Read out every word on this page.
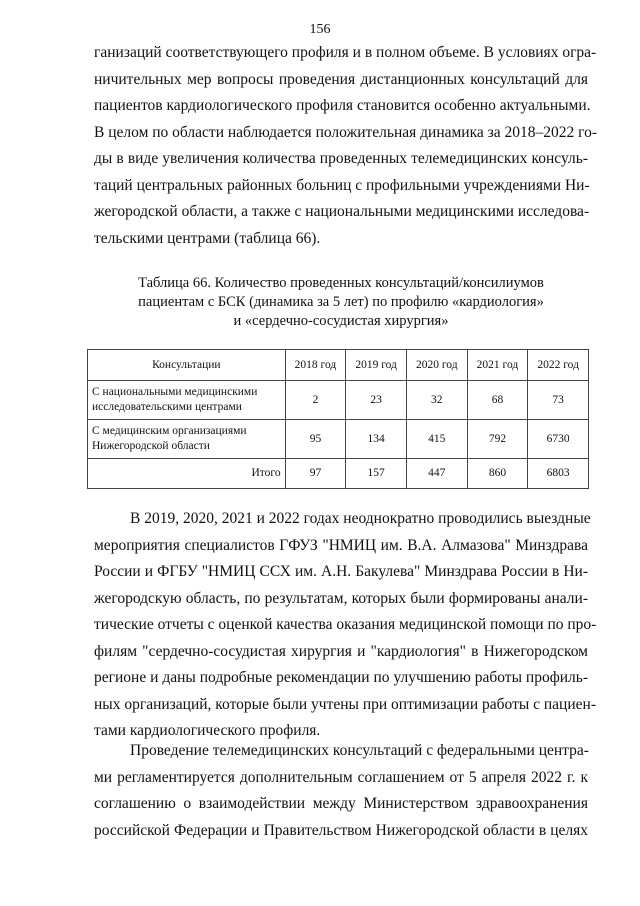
156

ганизаций соответствующего профиля и в полном объеме. В условиях огра-
ничительных мер вопросы проведения дистанционных консультаций для
пациентов кардиологического профиля становится особенно актуальными.
В целом по области наблюдается положительная динамика за 2018–2022 го-
ды в виде увеличения количества проведенных телемедицинских консуль-
таций центральных районных больниц с профильными учреждениями Ни-
жегородской области, а также с национальными медицинскими исследова-
тельскими центрами (таблица 66).

Таблица 66. Количество проведенных консультаций/консилиумов
пациентам с БСК (динамика за 5 лет) по профилю «кардиология»
и «сердечно-сосудистая хирургия»
Консультации	2018 год	2019 год	2020 год	2021 год	2022 год

С национальными медицинскими
исследовательскими центрами	2	23	32	68	73

С медицинским организациями
Нижегородской области	95	134	415	792	6730
Итого	97	157	447	860	6803

В 2019, 2020, 2021 и 2022 годах неоднократно проводились выездные
мероприятия специалистов ГФУЗ "НМИЦ им. В.А. Алмазова" Минздрава
России и ФГБУ "НМИЦ ССХ им. А.Н. Бакулева" Минздрава России в Ни-
жегородскую область, по результатам, которых были формированы анали-
тические отчеты с оценкой качества оказания медицинской помощи по про-
филям "сердечно-сосудистая хирургия и "кардиология" в Нижегородском
регионе и даны подробные рекомендации по улучшению работы профиль-
ных организаций, которые были учтены при оптимизации работы с пациен-
тами кардиологического профиля.

Проведение телемедицинских консультаций с федеральными центра-
ми регламентируется дополнительным соглашением от 5 апреля 2022 г. к
соглашению о взаимодействии между Министерством здравоохранения
российской Федерации и Правительством Нижегородской области в целях
